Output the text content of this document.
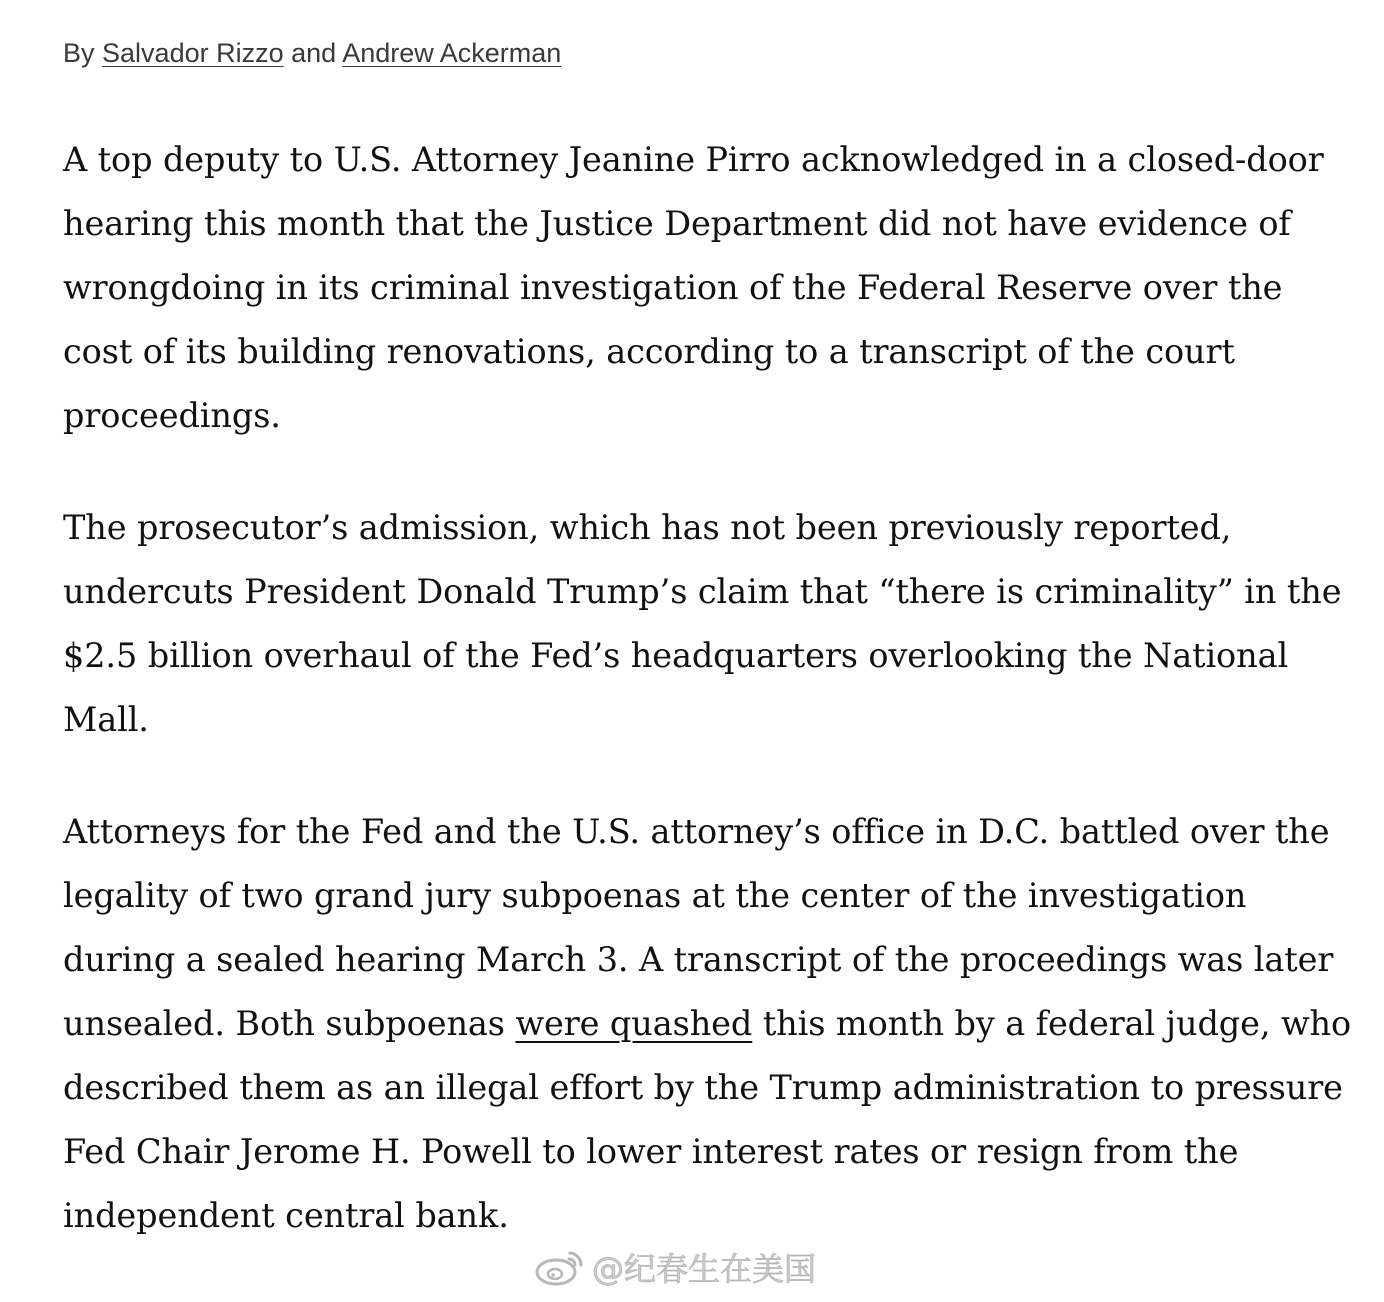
By Salvador Rizzo and Andrew Ackerman

A top deputy to U.S. Attorney Jeanine Pirro acknowledged in a closed-door hearing this month that the Justice Department did not have evidence of wrongdoing in its criminal investigation of the Federal Reserve over the cost of its building renovations, according to a transcript of the court proceedings.

The prosecutor’s admission, which has not been previously reported, undercuts President Donald Trump’s claim that “there is criminality” in the $2.5 billion overhaul of the Fed’s headquarters overlooking the National Mall.

Attorneys for the Fed and the U.S. attorney’s office in D.C. battled over the legality of two grand jury subpoenas at the center of the investigation during a sealed hearing March 3. A transcript of the proceedings was later unsealed. Both subpoenas were quashed this month by a federal judge, who described them as an illegal effort by the Trump administration to pressure Fed Chair Jerome H. Powell to lower interest rates or resign from the independent central bank.

@纪春生在美国
